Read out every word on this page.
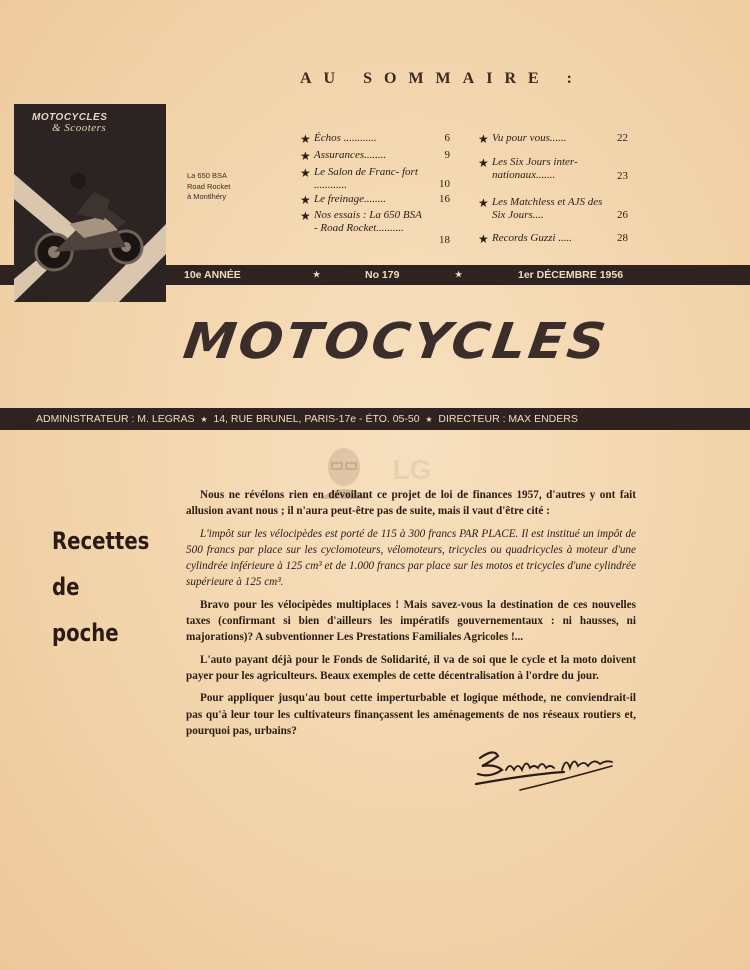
AU SOMMAIRE :
MOTOCYCLES
& Scooters
La 650 BSA
Road Rocket
à Montlhéry
★ Échos ............	6
★ Assurances........	9
★ Le Salon de Franc- fort ............	10
★ Le freinage........	16
★ Nos essais : La 650 BSA - Road Rocket..........
18
★ Vu pour vous......	22
★ Les Six Jours inter- nationaux.......	23
★ Les Matchless et AJS des Six Jours....	26
★ Records Guzzi .....	28
10e ANNÉE	★	No 179	★	1er DÉCEMBRE 1956
MOTOCYCLES
ADMINISTRATEUR : M. LEGRAS ★ 14, RUE BRUNEL, PARIS-17e - ÉTO. 05-50 ★ DIRECTEUR : MAX ENDERS
LG
Recettes
de
poche

Nous ne révélons rien en dévoilant ce projet de loi de finances 1957, d'autres y ont fait allusion avant nous ; il n'aura peut-être pas de suite, mais il vaut d'être cité :

L'impôt sur les vélocipèdes est porté de 115 à 300 francs PAR PLACE. Il est institué un impôt de 500 francs par place sur les cyclomoteurs, vélomoteurs, tricycles ou quadricycles à moteur d'une cylindrée inférieure à 125 cm³ et de 1.000 francs par place sur les motos et tricycles d'une cylindrée supérieure à 125 cm³.

Bravo pour les vélocipèdes multiplaces ! Mais savez-vous la destination de ces nouvelles taxes (confirmant si bien d'ailleurs les impératifs gouvernementaux : ni hausses, ni majorations)? A subventionner Les Prestations Familiales Agricoles !...

L'auto payant déjà pour le Fonds de Solidarité, il va de soi que le cycle et la moto doivent payer pour les agriculteurs. Beaux exemples de cette décentralisation à l'ordre du jour.

Pour appliquer jusqu'au bout cette imperturbable et logique méthode, ne conviendrait-il pas qu'à leur tour les cultivateurs finançassent les aménagements de nos réseaux routiers et, pourquoi pas, urbains?
